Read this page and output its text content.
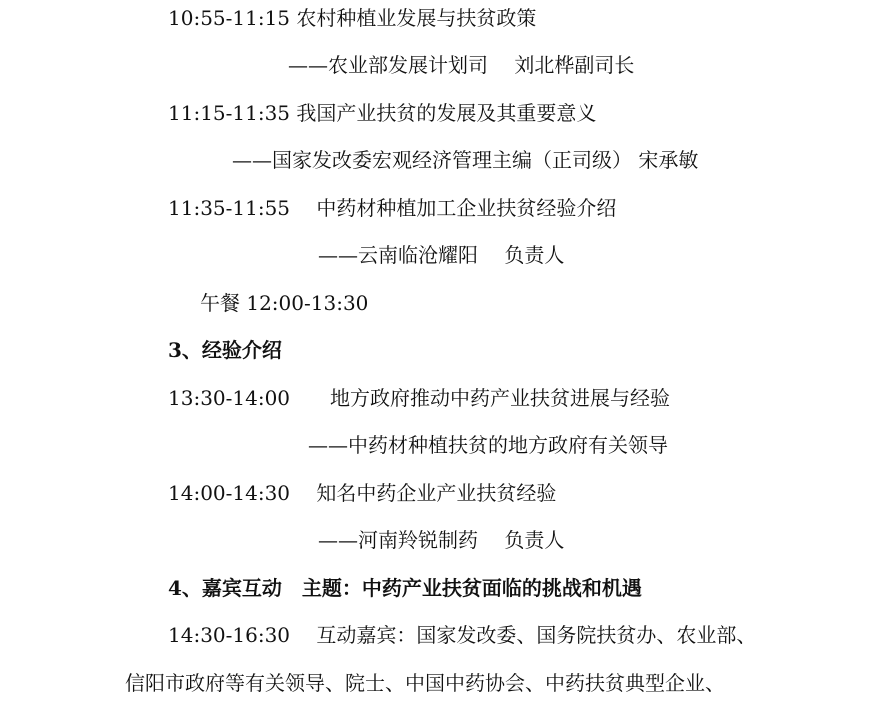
10:55-11:15 农村种植业发展与扶贫政策
——农业部发展计划司　 刘北桦副司长
11:15-11:35 我国产业扶贫的发展及其重要意义
——国家发改委宏观经济管理主编（正司级） 宋承敏
11:35-11:55　 中药材种植加工企业扶贫经验介绍
——云南临沧耀阳　 负责人
午餐 12:00-13:30
3、经验介绍
13:30-14:00　　地方政府推动中药产业扶贫进展与经验
——中药材种植扶贫的地方政府有关领导
14:00-14:30　 知名中药企业产业扶贫经验
——河南羚锐制药　 负责人
4、嘉宾互动　主题：中药产业扶贫面临的挑战和机遇
14:30-16:30　 互动嘉宾：国家发改委、国务院扶贫办、农业部、
信阳市政府等有关领导、院士、中国中药协会、中药扶贫典型企业、
